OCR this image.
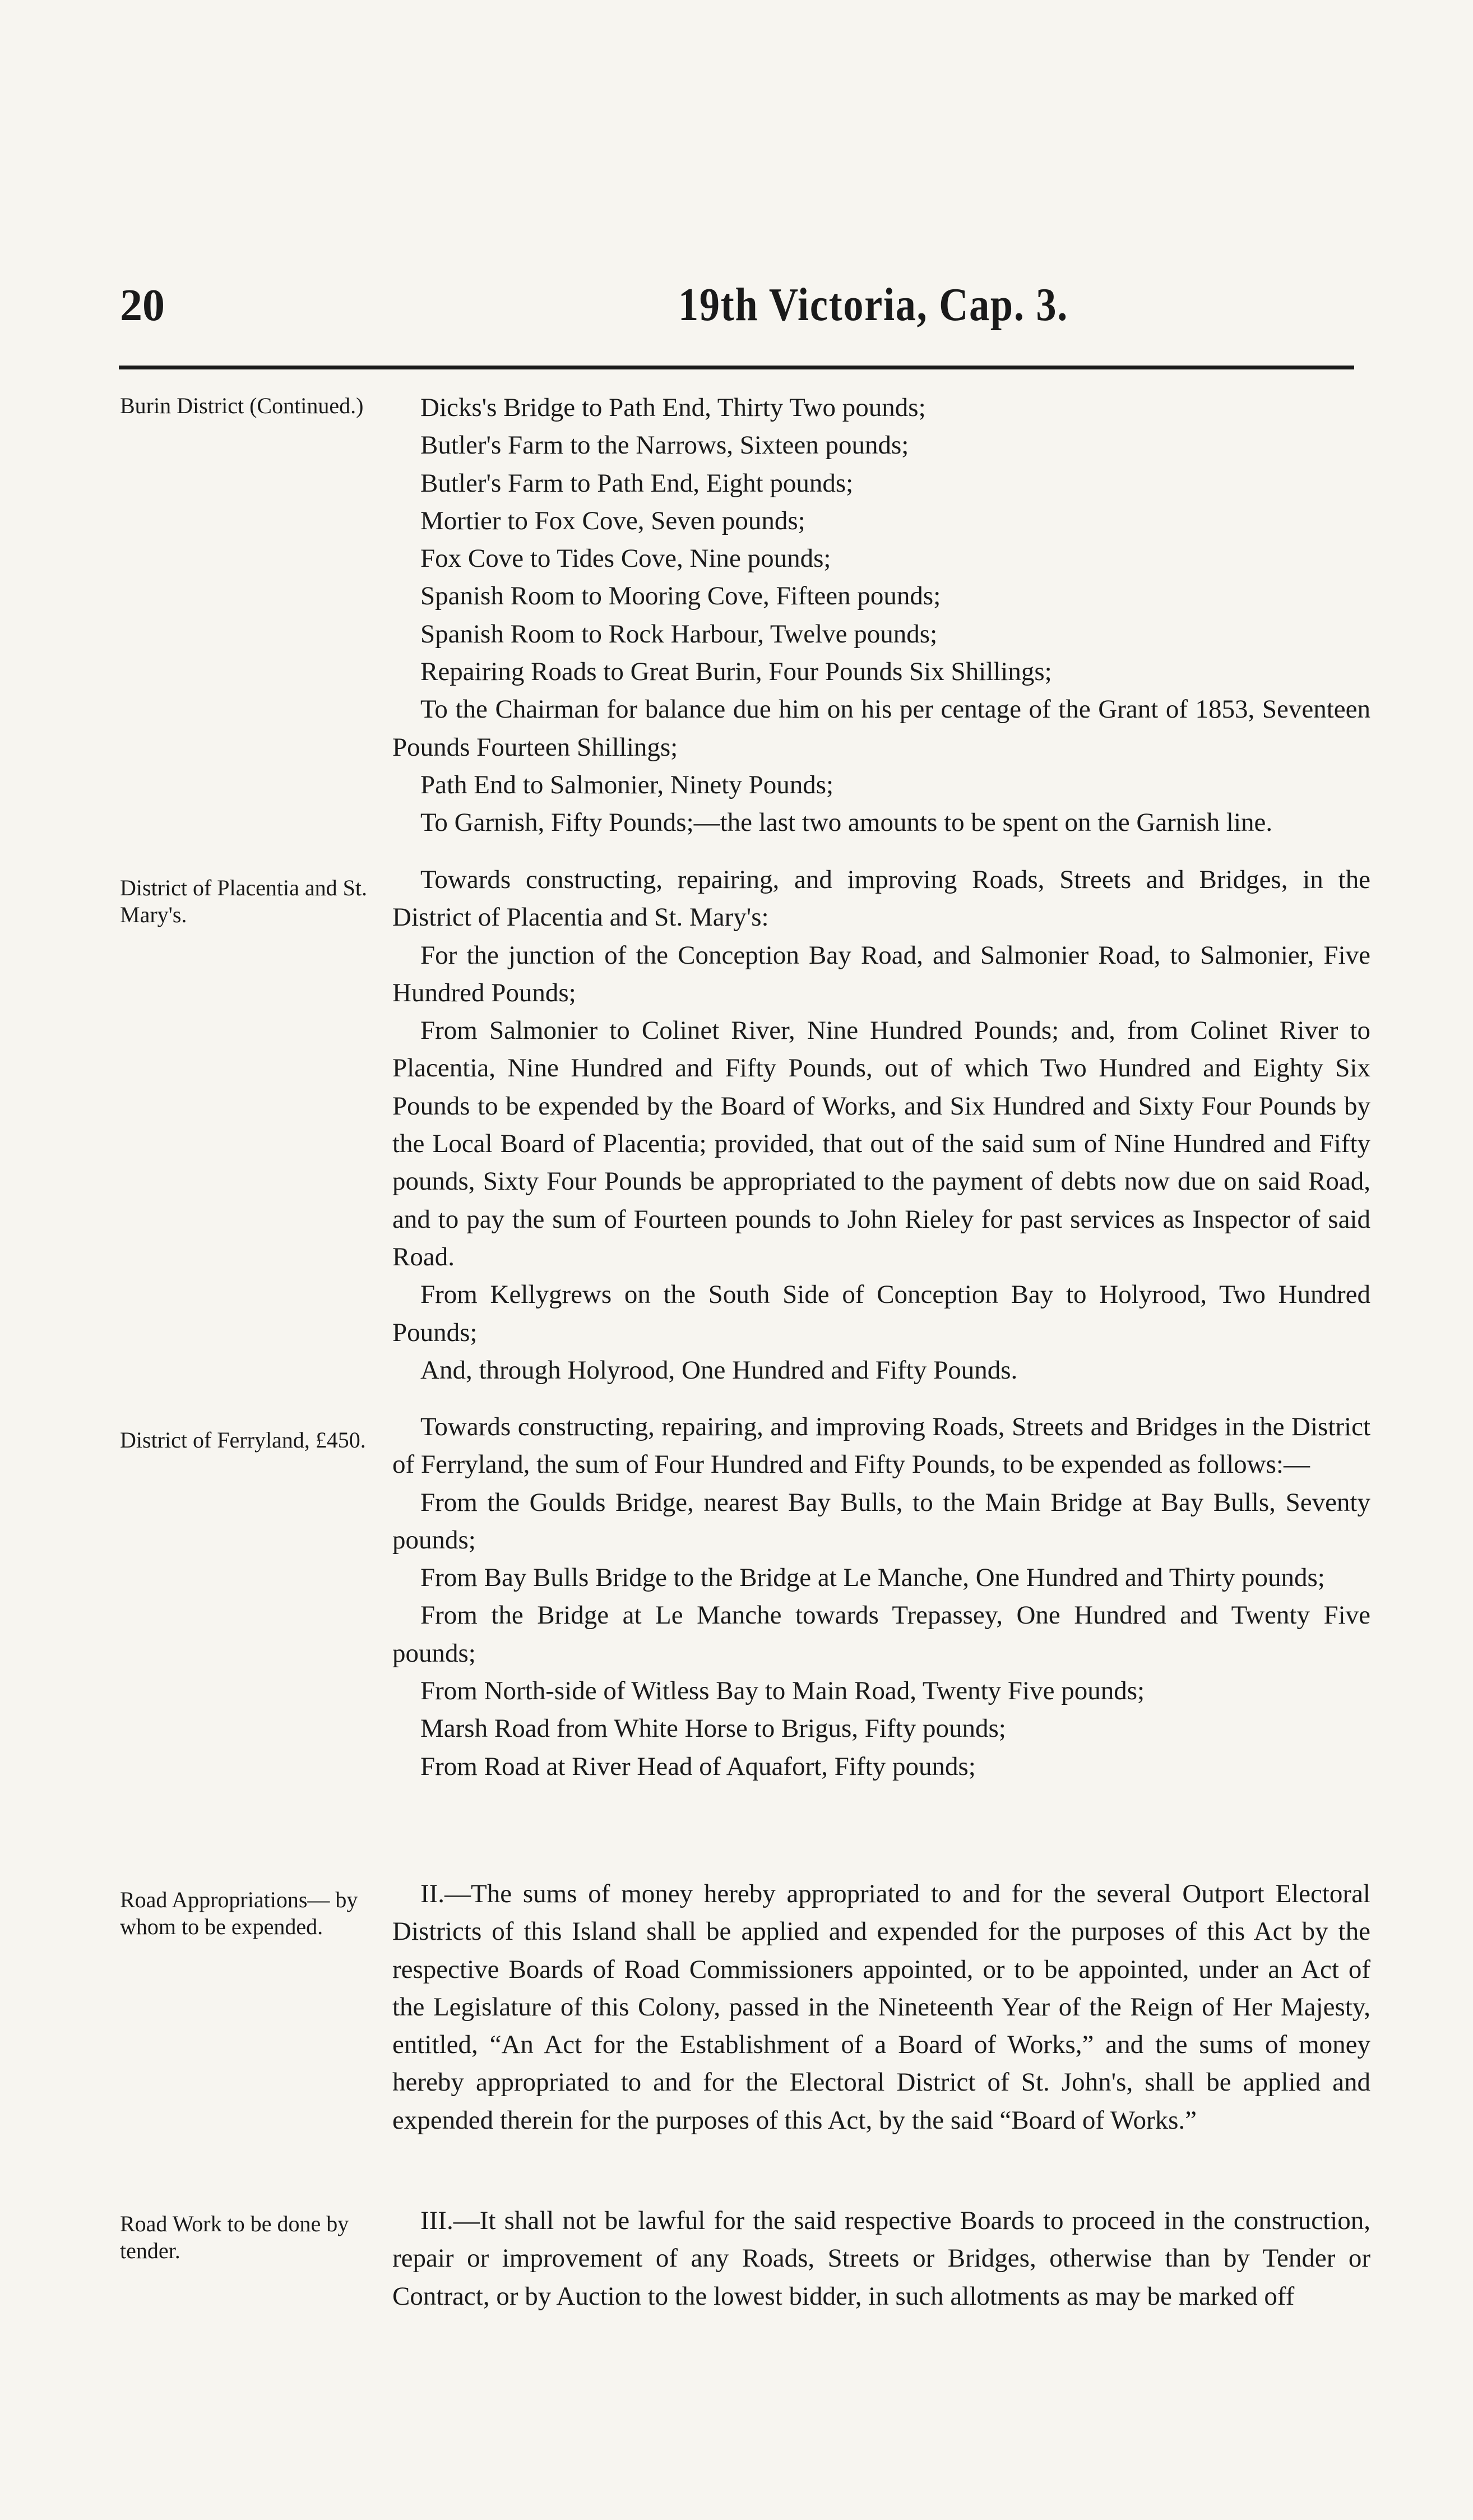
20	19th Victoria, Cap. 3.
Burin District (Continued.)	Dicks's Bridge to Path End, Thirty Two pounds;

Butler's Farm to the Narrows, Sixteen pounds;

Butler's Farm to Path End, Eight pounds;

Mortier to Fox Cove, Seven pounds;

Fox Cove to Tides Cove, Nine pounds;

Spanish Room to Mooring Cove, Fifteen pounds;

Spanish Room to Rock Harbour, Twelve pounds;

Repairing Roads to Great Burin, Four Pounds Six Shillings;

To the Chairman for balance due him on his per centage of the Grant of 1853, Seventeen Pounds Fourteen Shillings;

Path End to Salmonier, Ninety Pounds;

To Garnish, Fifty Pounds;—the last two amounts to be spent on the Garnish line.

District of Placentia and St. Mary's.

Towards constructing, repairing, and improving Roads, Streets and Bridges, in the District of Placentia and St. Mary's:

For the junction of the Conception Bay Road, and Salmonier Road, to Salmonier, Five Hundred Pounds;

From Salmonier to Colinet River, Nine Hundred Pounds; and, from Colinet River to Placentia, Nine Hundred and Fifty Pounds, out of which Two Hundred and Eighty Six Pounds to be expended by the Board of Works, and Six Hundred and Sixty Four Pounds by the Local Board of Placentia; provided, that out of the said sum of Nine Hundred and Fifty pounds, Sixty Four Pounds be appropriated to the payment of debts now due on said Road, and to pay the sum of Fourteen pounds to John Rieley for past services as Inspector of said Road.

From Kellygrews on the South Side of Conception Bay to Holyrood, Two Hundred Pounds;

And, through Holyrood, One Hundred and Fifty Pounds.

District of Ferryland, £450.	Towards constructing, repairing, and improving Roads, Streets and Bridges in the District of Ferryland, the sum of Four Hundred and Fifty Pounds, to be expended as follows:—

From the Goulds Bridge, nearest Bay Bulls, to the Main Bridge at Bay Bulls, Seventy pounds;

From Bay Bulls Bridge to the Bridge at Le Manche, One Hundred and Thirty pounds;

From the Bridge at Le Manche towards Trepassey, One Hundred and Twenty Five pounds;

From North-side of Witless Bay to Main Road, Twenty Five pounds;

Marsh Road from White Horse to Brigus, Fifty pounds;

From Road at River Head of Aquafort, Fifty pounds;

Road Appropriations— by whom to be expended.

II.—The sums of money hereby appropriated to and for the several Outport Electoral Districts of this Island shall be applied and expended for the purposes of this Act by the respective Boards of Road Commissioners appointed, or to be appointed, under an Act of the Legislature of this Colony, passed in the Nineteenth Year of the Reign of Her Majesty, entitled, “An Act for the Establishment of a Board of Works,” and the sums of money hereby appropriated to and for the Electoral District of St. John's, shall be applied and expended therein for the purposes of this Act, by the said “Board of Works.”

Road Work to be done by tender.

III.—It shall not be lawful for the said respective Boards to proceed in the construction, repair or improvement of any Roads, Streets or Bridges, otherwise than by Tender or Contract, or by Auction to the lowest bidder, in such allotments as may be marked off
